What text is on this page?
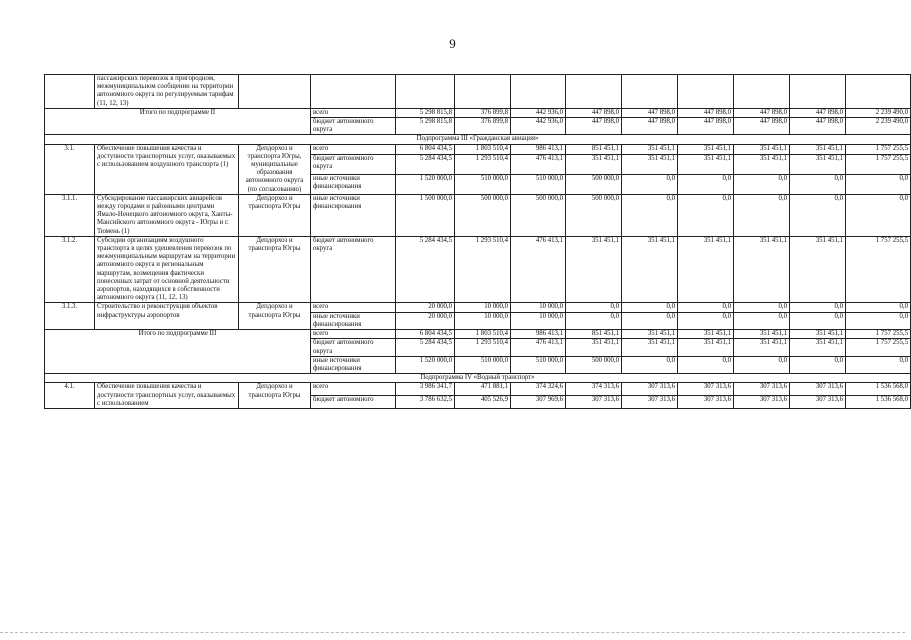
9
	пассажирских перевозок в пригородном, межмуниципальном сообщении на территории автономного округа по регулируемым тарифам (11, 12, 13)											
Итого по подпрограмме II			всего	5 298 815,8	376 899,8	442 936,0	447 898,0	447 898,0	447 898,0	447 898,0	447 898,0	2 239 490,0
			бюджет автономного округа	5 298 815,8	376 899,8	442 936,0	447 898,0	447 898,0	447 898,0	447 898,0	447 898,0	2 239 490,0
Подпрограмма III «Гражданская авиация»												
3.1.	Обеспечение повышения качества и доступности транспортных услуг, оказываемых с использованием воздушного транспорта (1)	Депдорхоз и транспорта Югры, муниципальные образования автономного округа (по согласованию)	всего	6 804 434,5	1 803 510,4	986 413,1	851 451,1	351 451,1	351 451,1	351 451,1	351 451,1	1 757 255,5
			бюджет автономного округа	5 284 434,5	1 293 510,4	476 413,1	351 451,1	351 451,1	351 451,1	351 451,1	351 451,1	1 757 255,5
			иные источники финансирования	1 520 000,0	510 000,0	510 000,0	500 000,0	0,0	0,0	0,0	0,0	0,0
3.1.1.	Субсидирование пассажирских авиарейсов между городами и районными центрами Ямало-Ненецкого автономного округа, Ханты-Мансийского автономного округа - Югры и г. Тюмень (1)	Депдорхоз и транспорта Югры	иные источники финансирования	1 500 000,0	500 000,0	500 000,0	500 000,0	0,0	0,0	0,0	0,0	0,0
3.1.2.	Субсидии организациям воздушного транспорта в целях удешевления перевозок по межмуниципальным маршрутам на территории автономного округа и региональным маршрутам, возмещения фактически понесенных затрат от основной деятельности аэропортов, находящихся в собственности автономного округа (11, 12, 13)	Депдорхоз и транспорта Югры	бюджет автономного округа	5 284 434,5	1 293 510,4	476 413,1	351 451,1	351 451,1	351 451,1	351 451,1	351 451,1	1 757 255,5
3.1.3.	Строительство и реконструкция объектов инфраструктуры аэропортов	Депдорхоз и транспорта Югры	всего	20 000,0	10 000,0	10 000,0	0,0	0,0	0,0	0,0	0,0	0,0
			иные источники финансирования	20 000,0	10 000,0	10 000,0	0,0	0,0	0,0	0,0	0,0	0,0
Итого по подпрограмме III			всего	6 804 434,5	1 803 510,4	986 413,1	851 451,1	351 451,1	351 451,1	351 451,1	351 451,1	1 757 255,5
			бюджет автономного округа	5 284 434,5	1 293 510,4	476 413,1	351 451,1	351 451,1	351 451,1	351 451,1	351 451,1	1 757 255,5
			иные источники финансирования	1 520 000,0	510 000,0	510 000,0	500 000,0	0,0	0,0	0,0	0,0	0,0
Подпрограмма IV «Водный транспорт»												
4.1.	Обеспечение повышения качества и доступности транспортных услуг, оказываемых с использованием	Депдорхоз и транспорта Югры	всего	3 986 341,7	471 881,1	374 324,6	374 313,6	307 313,6	307 313,6	307 313,6	307 313,6	1 536 568,0
			бюджет автономного	3 786 632,5	405 526,9	307 969,6	307 313,6	307 313,6	307 313,6	307 313,6	307 313,6	1 536 568,0
